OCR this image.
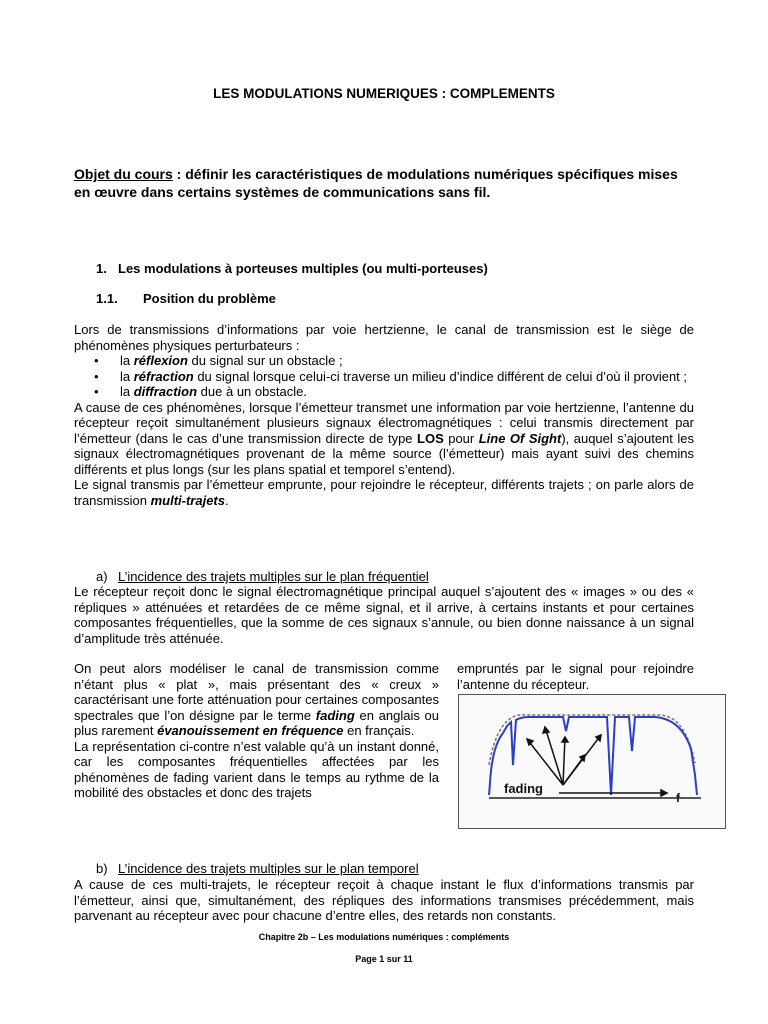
LES MODULATIONS NUMERIQUES : COMPLEMENTS
Objet du cours : définir les caractéristiques de modulations numériques spécifiques mises en œuvre dans certains systèmes de communications sans fil.
1. Les modulations à porteuses multiples (ou multi-porteuses)
1.1. Position du problème
Lors de transmissions d’informations par voie hertzienne, le canal de transmission est le siège de phénomènes physiques perturbateurs :
• la réflexion du signal sur un obstacle ;
• la réfraction du signal lorsque celui-ci traverse un milieu d’indice différent de celui d’où il provient ;
• la diffraction due à un obstacle.
A cause de ces phénomènes, lorsque l’émetteur transmet une information par voie hertzienne, l’antenne du récepteur reçoit simultanément plusieurs signaux électromagnétiques : celui transmis directement par l’émetteur (dans le cas d’une transmission directe de type LOS pour Line Of Sight), auquel s’ajoutent les signaux électromagnétiques provenant de la même source (l’émetteur) mais ayant suivi des chemins différents et plus longs (sur les plans spatial et temporel s’entend).
Le signal transmis par l’émetteur emprunte, pour rejoindre le récepteur, différents trajets ; on parle alors de transmission multi-trajets.
a) L’incidence des trajets multiples sur le plan fréquentiel
Le récepteur reçoit donc le signal électromagnétique principal auquel s’ajoutent des « images » ou des « répliques » atténuées et retardées de ce même signal, et il arrive, à certains instants et pour certaines composantes fréquentielles, que la somme de ces signaux s’annule, ou bien donne naissance à un signal d’amplitude très atténuée.
On peut alors modéliser le canal de transmission comme n’étant plus « plat », mais présentant des « creux » caractérisant une forte atténuation pour certaines composantes spectrales que l’on désigne par le terme fading en anglais ou plus rarement évanouissement en fréquence en français.
La représentation ci-contre n’est valable qu’à un instant donné, car les composantes fréquentielles affectées par les phénomènes de fading varient dans le temps au rythme de la mobilité des obstacles et donc des trajets
empruntés par le signal pour rejoindre l’antenne du récepteur.
fading
f
b) L’incidence des trajets multiples sur le plan temporel
A cause de ces multi-trajets, le récepteur reçoit à chaque instant le flux d’informations transmis par l’émetteur, ainsi que, simultanément, des répliques des informations transmises précédemment, mais parvenant au récepteur avec pour chacune d’entre elles, des retards non constants.
Chapitre 2b – Les modulations numériques : compléments
Page 1 sur 11
